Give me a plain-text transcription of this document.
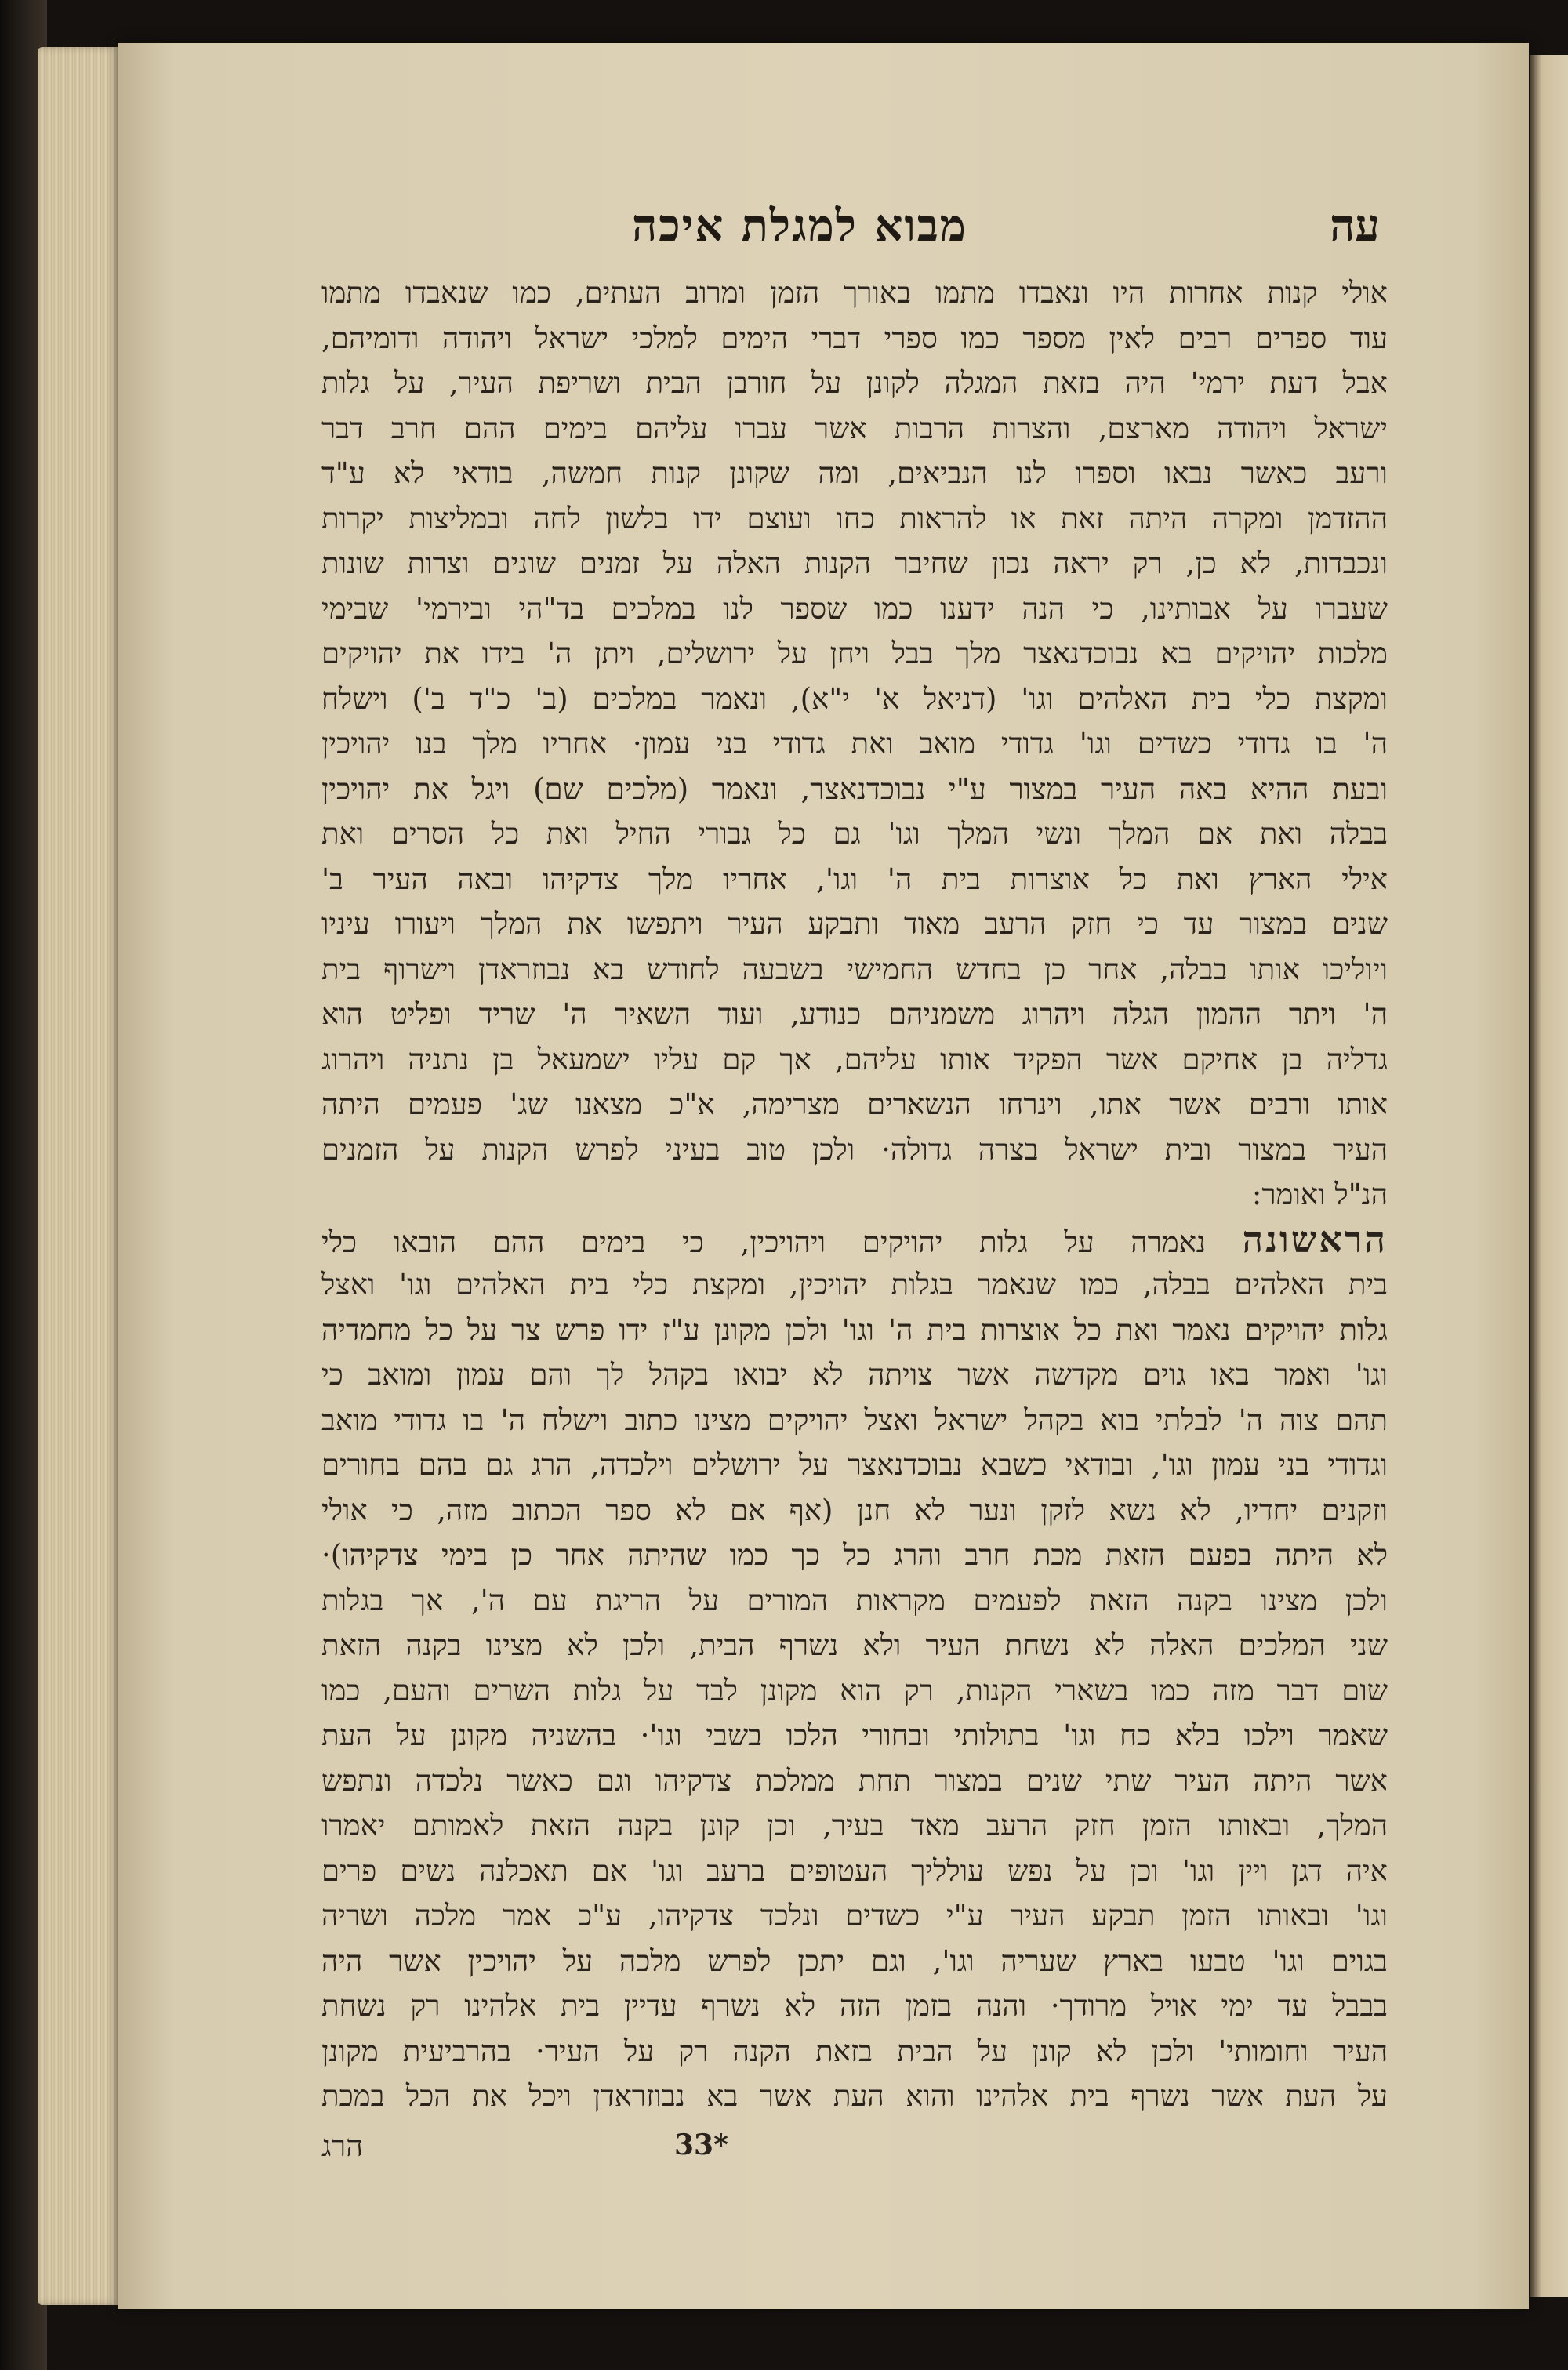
עה
מבוא למגלת איכה
אולי קנות אחרות היו ונאבדו מתמו באורך הזמן ומרוב העתים, כמו שנאבדו מתמו
עוד ספרים רבים לאין מספר כמו ספרי דברי הימים למלכי ישראל ויהודה ודומיהם,
אבל דעת ירמי' היה בזאת המגלה לקונן על חורבן הבית ושריפת העיר, על גלות
ישראל ויהודה מארצם, והצרות הרבות אשר עברו עליהם בימים ההם חרב דבר
ורעב כאשר נבאו וספרו לנו הנביאים, ומה שקונן קנות חמשה, בודאי לא ע"ד
ההזדמן ומקרה היתה זאת או להראות כחו ועוצם ידו בלשון לחה ובמליצות יקרות
ונכבדות, לא כן, רק יראה נכון שחיבר הקנות האלה על זמנים שונים וצרות שונות
שעברו על אבותינו, כי הנה ידענו כמו שספר לנו במלכים בד"הי ובירמי' שבימי
מלכות יהויקים בא נבוכדנאצר מלך בבל ויחן על ירושלים, ויתן ה' בידו את יהויקים
ומקצת כלי בית האלהים וגו' (דניאל א' י"א), ונאמר במלכים (ב' כ"ד ב') וישלח
ה' בו גדודי כשדים וגו' גדודי מואב ואת גדודי בני עמון· אחריו מלך בנו יהויכין
ובעת ההיא באה העיר במצור ע"י נבוכדנאצר, ונאמר (מלכים שם) ויגל את יהויכין
בבלה ואת אם המלך ונשי המלך וגו' גם כל גבורי החיל ואת כל הסרים ואת
אילי הארץ ואת כל אוצרות בית ה' וגו', אחריו מלך צדקיהו ובאה העיר ב'
שנים במצור עד כי חזק הרעב מאוד ותבקע העיר ויתפשו את המלך ויעורו עיניו
ויוליכו אותו בבלה, אחר כן בחדש החמישי בשבעה לחודש בא נבוזראדן וישרוף בית
ה' ויתר ההמון הגלה ויהרוג משמניהם כנודע, ועוד השאיר ה' שריד ופליט הוא
גדליה בן אחיקם אשר הפקיד אותו עליהם, אך קם עליו ישמעאל בן נתניה ויהרוג
אותו ורבים אשר אתו, וינרחו הנשארים מצרימה, א"כ מצאנו שג' פעמים היתה
העיר במצור ובית ישראל בצרה גדולה· ולכן טוב בעיני לפרש הקנות על הזמנים
הנ"ל ואומר:
הראשונה נאמרה על גלות יהויקים ויהויכין, כי בימים ההם הובאו כלי
בית האלהים בבלה, כמו שנאמר בגלות יהויכין, ומקצת כלי בית האלהים וגו' ואצל
גלות יהויקים נאמר ואת כל אוצרות בית ה' וגו' ולכן מקונן ע"ז ידו פרש צר על כל מחמדיה
וגו' ואמר באו גוים מקדשה אשר צויתה לא יבואו בקהל לך והם עמון ומואב כי
תהם צוה ה' לבלתי בוא בקהל ישראל ואצל יהויקים מצינו כתוב וישלח ה' בו גדודי מואב
וגדודי בני עמון וגו', ובודאי כשבא נבוכדנאצר על ירושלים וילכדה, הרג גם בהם בחורים
וזקנים יחדיו, לא נשא לזקן ונער לא חנן (אף אם לא ספר הכתוב מזה, כי אולי
לא היתה בפעם הזאת מכת חרב והרג כל כך כמו שהיתה אחר כן בימי צדקיהו)·
ולכן מצינו בקנה הזאת לפעמים מקראות המורים על הריגת עם ה', אך בגלות
שני המלכים האלה לא נשחת העיר ולא נשרף הבית, ולכן לא מצינו בקנה הזאת
שום דבר מזה כמו בשארי הקנות, רק הוא מקונן לבד על גלות השרים והעם, כמו
שאמר וילכו בלא כח וגו' בתולותי ובחורי הלכו בשבי וגו'· בהשניה מקונן על העת
אשר היתה העיר שתי שנים במצור תחת ממלכת צדקיהו וגם כאשר נלכדה ונתפש
המלך, ובאותו הזמן חזק הרעב מאד בעיר, וכן קונן בקנה הזאת לאמותם יאמרו
איה דגן ויין וגו' וכן על נפש עולליך העטופים ברעב וגו' אם תאכלנה נשים פרים
וגו' ובאותו הזמן תבקע העיר ע"י כשדים ונלכד צדקיהו, ע"כ אמר מלכה ושריה
בגוים וגו' טבעו בארץ שעריה וגו', וגם יתכן לפרש מלכה על יהויכין אשר היה
בבבל עד ימי אויל מרודך· והנה בזמן הזה לא נשרף עדיין בית אלהינו רק נשחת
העיר וחומותי' ולכן לא קונן על הבית בזאת הקנה רק על העיר· בהרביעית מקונן
על העת אשר נשרף בית אלהינו והוא העת אשר בא נבוזראדן ויכל את הכל במכת
33*
הרג
